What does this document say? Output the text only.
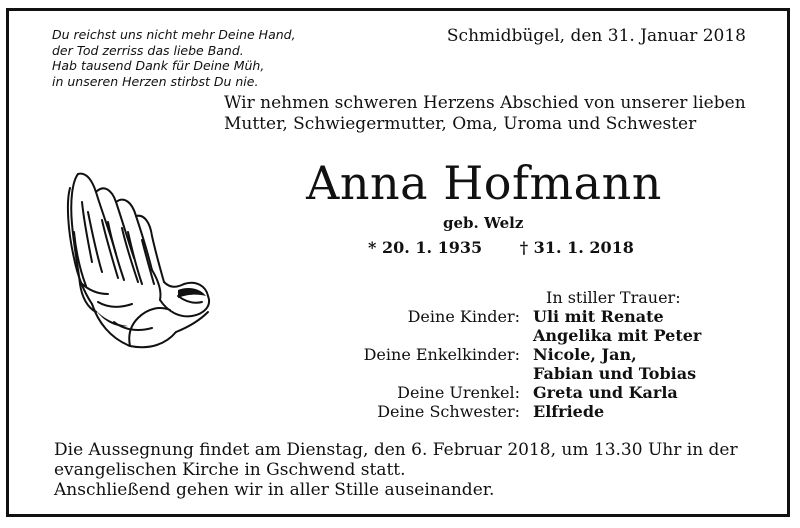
Du reichst uns nicht mehr Deine Hand,
der Tod zerriss das liebe Band.
Hab tausend Dank für Deine Müh,
in unseren Herzen stirbst Du nie.
Schmidbügel, den 31. Januar 2018
Wir nehmen schweren Herzens Abschied von unserer lieben
Mutter, Schwiegermutter, Oma, Uroma und Schwester
Anna Hofmann
geb. Welz
* 20. 1. 1935 † 31. 1. 2018
In stiller Trauer:
Deine Kinder: Uli mit Renate
Angelika mit Peter
Deine Enkelkinder: Nicole, Jan,
Fabian und Tobias
Deine Urenkel: Greta und Karla
Deine Schwester: Elfriede
Die Aussegnung findet am Dienstag, den 6. Februar 2018, um 13.30 Uhr in der
evangelischen Kirche in Gschwend statt.
Anschließend gehen wir in aller Stille auseinander.
